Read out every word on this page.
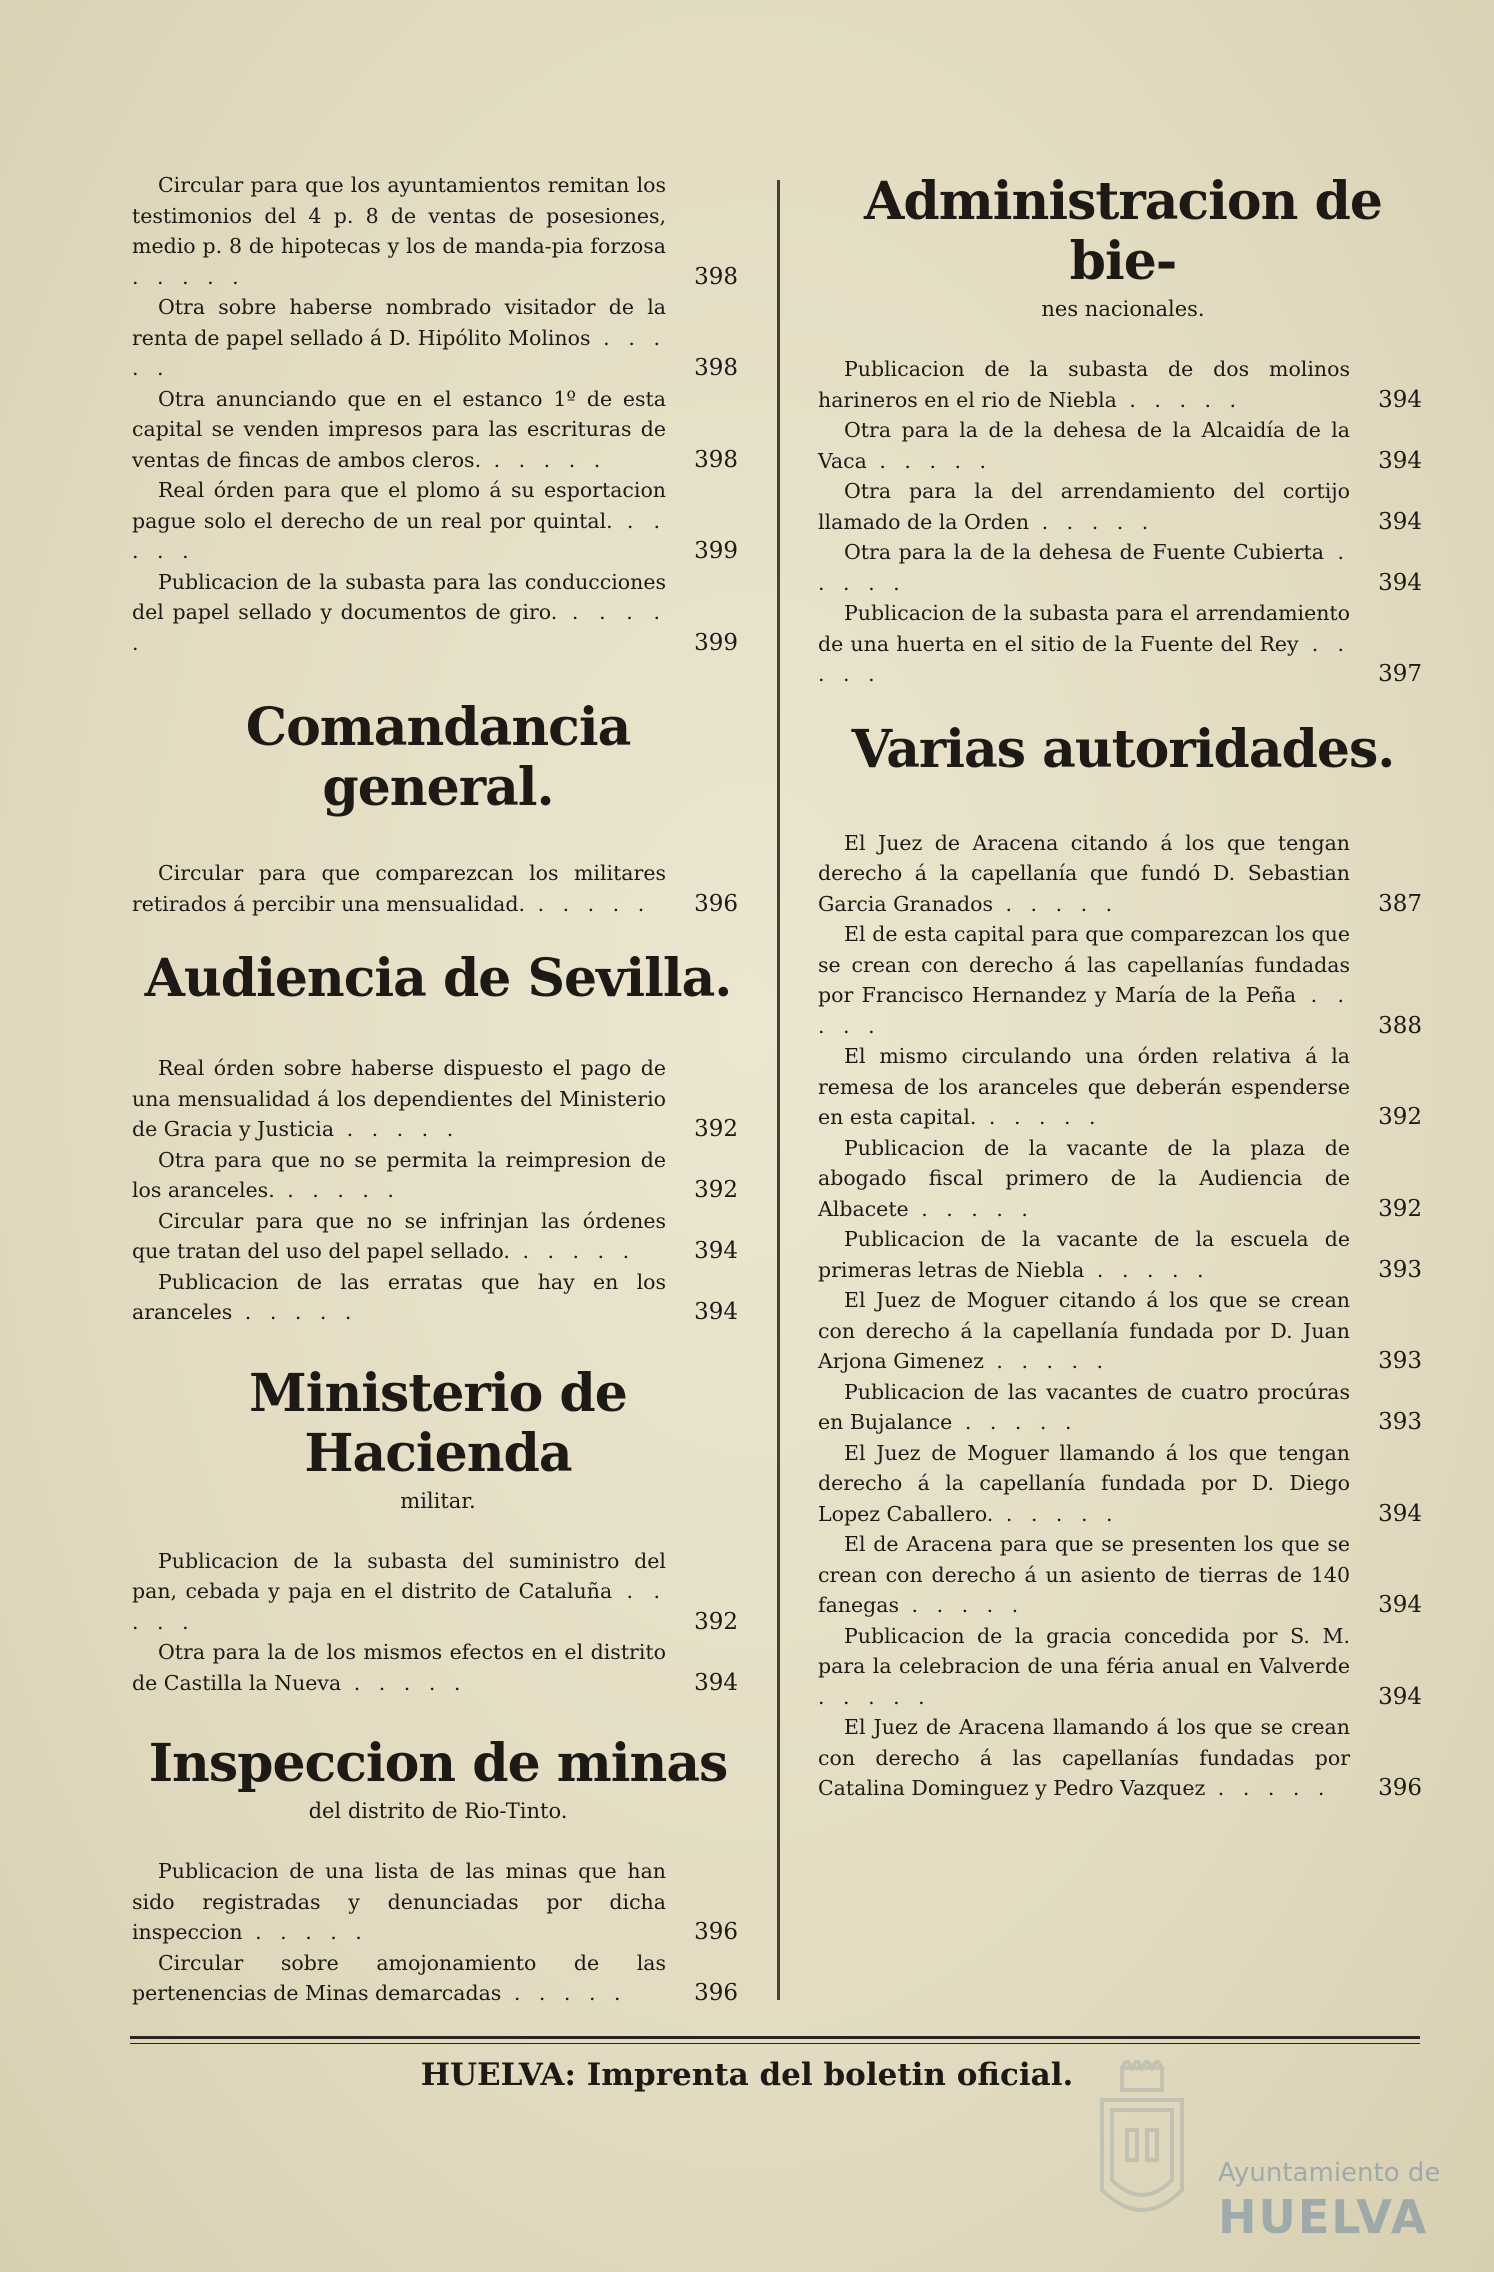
Circular para que los ayuntamientos remitan los testimonios del 4 p. 8 de ventas de posesiones, medio p. 8 de hipotecas y los de manda-pia forzosa . . . . .	398
Otra sobre haberse nombrado visitador de la renta de papel sellado á D. Hipólito Molinos . . . . .	398
Otra anunciando que en el estanco 1º de esta capital se venden impresos para las escrituras de ventas de fincas de ambos cleros. . . . . .	398
Real órden para que el plomo á su esportacion pague solo el derecho de un real por quintal. . . . . .	399
Publicacion de la subasta para las conducciones del papel sellado y documentos de giro. . . . . .	399
Comandancia general.
Circular para que comparezcan los militares retirados á percibir una mensualidad. . . . . . 396
Audiencia de Sevilla.
Real órden sobre haberse dispuesto el pago de una mensualidad á los dependientes del Ministerio de Gracia y Justicia . . . . .	392
Otra para que no se permita la reimpresion de los aranceles. . . . . .	392
Circular para que no se infrinjan las órdenes que tratan del uso del papel sellado. . . . . .	394
Publicacion de las erratas que hay en los aranceles . . . . .	394
Ministerio de Hacienda
militar.
Publicacion de la subasta del suministro del pan, cebada y paja en el distrito de Cataluña . . . . .	392
Otra para la de los mismos efectos en el distrito de Castilla la Nueva . . . . .	394
Inspeccion de minas
del distrito de Rio-Tinto.
Publicacion de una lista de las minas que han sido registradas y denunciadas por dicha inspeccion . . . . .	396
Circular sobre amojonamiento de las pertenencias de Minas demarcadas . . . . .	396
Administracion de bie-
nes nacionales.
Publicacion de la subasta de dos molinos harineros en el rio de Niebla . . . . .	394
Otra para la de la dehesa de la Alcaidía de la Vaca . . . . .	394
Otra para la del arrendamiento del cortijo llamado de la Orden . . . . .	394
Otra para la de la dehesa de Fuente Cubierta . . . . .	394
Publicacion de la subasta para el arrendamiento de una huerta en el sitio de la Fuente del Rey . . . . .	397
Varias autoridades.
El Juez de Aracena citando á los que tengan derecho á la capellanía que fundó D. Sebastian Garcia Granados . . . . .	387
El de esta capital para que comparezcan los que se crean con derecho á las capellanías fundadas por Francisco Hernandez y María de la Peña . . . . .	388
El mismo circulando una órden relativa á la remesa de los aranceles que deberán espenderse en esta capital. . . . . .	392
Publicacion de la vacante de la plaza de abogado fiscal primero de la Audiencia de Albacete . . . . .	392
Publicacion de la vacante de la escuela de primeras letras de Niebla . . . . .	393
El Juez de Moguer citando á los que se crean con derecho á la capellanía fundada por D. Juan Arjona Gimenez . . . . .	393
Publicacion de las vacantes de cuatro procúras en Bujalance . . . . .	393
El Juez de Moguer llamando á los que tengan derecho á la capellanía fundada por D. Diego Lopez Caballero. . . . . .	394
El de Aracena para que se presenten los que se crean con derecho á un asiento de tierras de 140 fanegas . . . . .	394
Publicacion de la gracia concedida por S. M. para la celebracion de una féria anual en Valverde . . . . .	394
El Juez de Aracena llamando á los que se crean con derecho á las capellanías fundadas por Catalina Dominguez y Pedro Vazquez . . . . . 396
HUELVA: Imprenta del boletin oficial.
Ayuntamiento de
HUELVA
